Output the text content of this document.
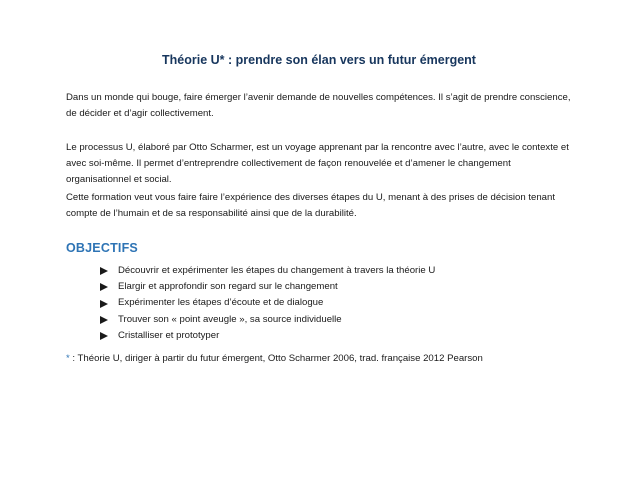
Théorie U* : prendre son élan vers un futur émergent

Dans un monde qui bouge, faire émerger l’avenir demande de nouvelles compétences. Il s’agit de prendre conscience, de décider et d’agir collectivement.

Le processus U, élaboré par Otto Scharmer, est un voyage apprenant par la rencontre avec l’autre, avec le contexte et avec soi-même. Il permet d’entreprendre collectivement de façon renouvelée et d’amener le changement organisationnel et social.

Cette formation veut vous faire faire l’expérience des diverses étapes du U, menant à des prises de décision tenant compte de l’humain et de sa responsabilité ainsi que de la durabilité.

OBJECTIFS
Découvrir et expérimenter les étapes du changement à travers la théorie U
Elargir et approfondir son regard sur le changement
Expérimenter les étapes d’écoute et de dialogue
Trouver son « point aveugle », sa source individuelle
Cristalliser et prototyper

* : Théorie U, diriger à partir du futur émergent, Otto Scharmer 2006, trad. française 2012 Pearson
